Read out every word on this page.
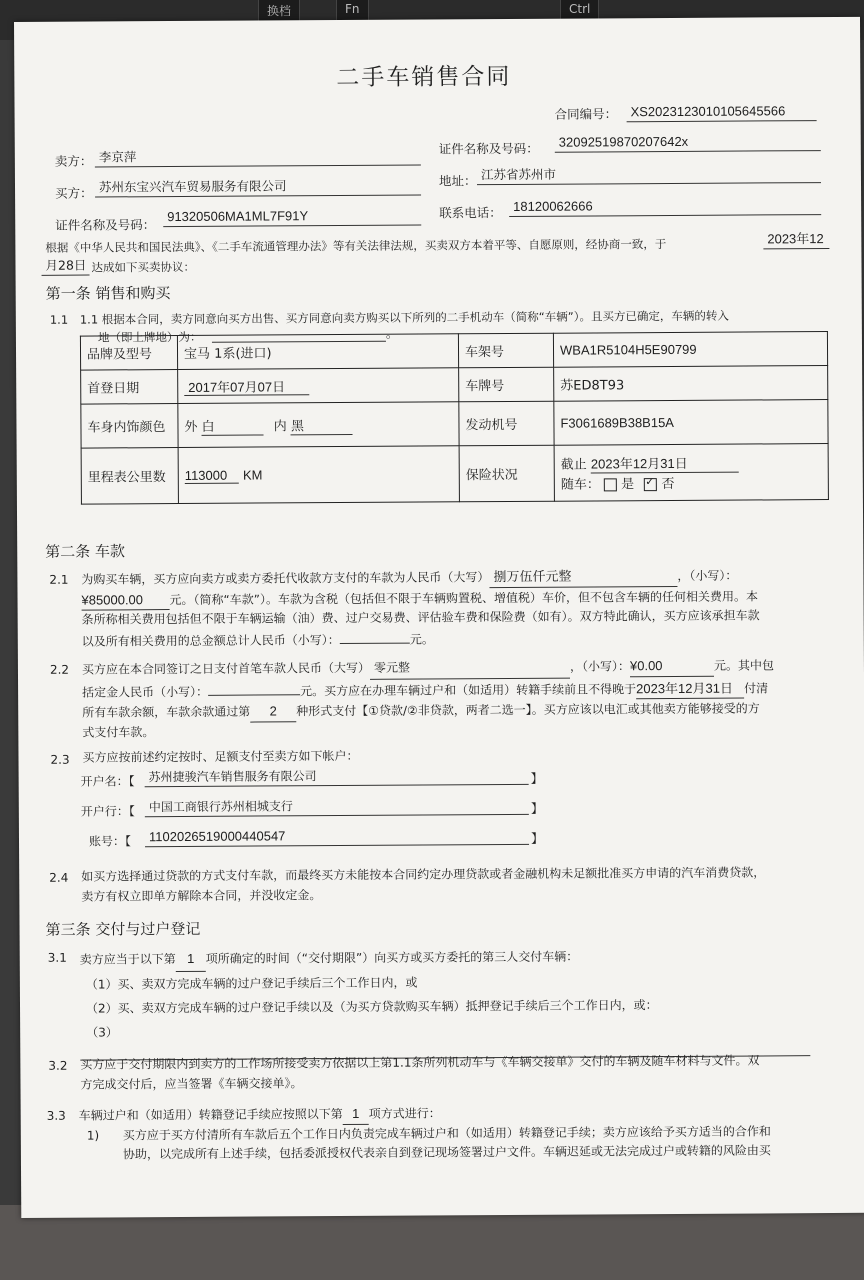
换档	Fn	Ctrl
二手车销售合同
合同编号：	XS2023123010105645566
卖方： 李京萍
证件名称及号码：	32092519870207642x
买方： 苏州东宝兴汽车贸易服务有限公司	地址： 江苏省苏州市
证件名称及号码：
91320506MA1ML7F91Y	联系电话： 18120062666
根据《中华人民共和国民法典》、《二手车流通管理办法》等有关法律法规，买卖双方本着平等、自愿原则，经协商一致，于	2023年12
月28日 达成如下买卖协议：
第一条 销售和购买
1.1 1.1 根据本合同，卖方同意向买方出售、买方同意向卖方购买以下所列的二手机动车（简称“车辆”）。且买方已确定，车辆的转入
地（即上牌地）为：	。
品牌及型号	宝马 1系(进口)	车架号	WBA1R5104H5E90799
首登日期	2017年07月07日	车牌号	苏ED8T93
车身内饰颜色	外 白 内 黑	发动机号	F3061689B38B15A
里程表公里数	113000 KM	保险状况	截止 2023年12月31日
随车： 是 ✓ 否
第二条 车款
2.1 为购买车辆，买方应向卖方或卖方委托代收款方支付的车款为人民币（大写） 捌万伍仟元整	，（小写）：
¥85000.00 元。（简称“车款”）。车款为含税（包括但不限于车辆购置税、增值税）车价，但不包含车辆的任何相关费用。本
条所称相关费用包括但不限于车辆运输（油）费、过户交易费、评估验车费和保险费（如有）。双方特此确认，买方应该承担车款
以及所有相关费用的总金额总计人民币（小写）：	元。
2.2 买方应在本合同签订之日支付首笔车款人民币（大写） 零元整	，（小写）：¥0.00	元。其中包
括定金人民币（小写）：	元。买方应在办理车辆过户和（如适用）转籍手续前且不得晚于2023年12月31日 付清
所有车款余额，车款余款通过第 2 种形式支付【①贷款/②非贷款，两者二选一】。买方应该以电汇或其他卖方能够接受的方
式支付车款。
2.3 买方应按前述约定按时、足额支付至卖方如下帐户：
开户名：【	苏州捷骏汽车销售服务有限公司	】
开户行：【	中国工商银行苏州相城支行	】
账号：【	1102026519000440547	】
2.4 如买方选择通过贷款的方式支付车款，而最终买方未能按本合同约定办理贷款或者金融机构未足额批准买方申请的汽车消费贷款，
卖方有权立即单方解除本合同，并没收定金。
第三条 交付与过户登记
3.1 卖方应当于以下第 1 项所确定的时间（“交付期限”）向买方或买方委托的第三人交付车辆：
（1）买、卖双方完成车辆的过户登记手续后三个工作日内，或
（2）买、卖双方完成车辆的过户登记手续以及（为买方贷款购买车辆）抵押登记手续后三个工作日内，或：
（3）
3.2 买方应于交付期限内到卖方的工作场所接受卖方依据以上第1.1条所列机动车与《车辆交接单》交付的车辆及随车材料与文件。双
方完成交付后，应当签署《车辆交接单》。
3.3 车辆过户和（如适用）转籍登记手续应按照以下第 1 项方式进行：
1) 买方应于买方付清所有车款后五个工作日内负责完成车辆过户和（如适用）转籍登记手续；卖方应该给予买方适当的合作和
协助，以完成所有上述手续，包括委派授权代表亲自到登记现场签署过户文件。车辆迟延或无法完成过户或转籍的风险由买
